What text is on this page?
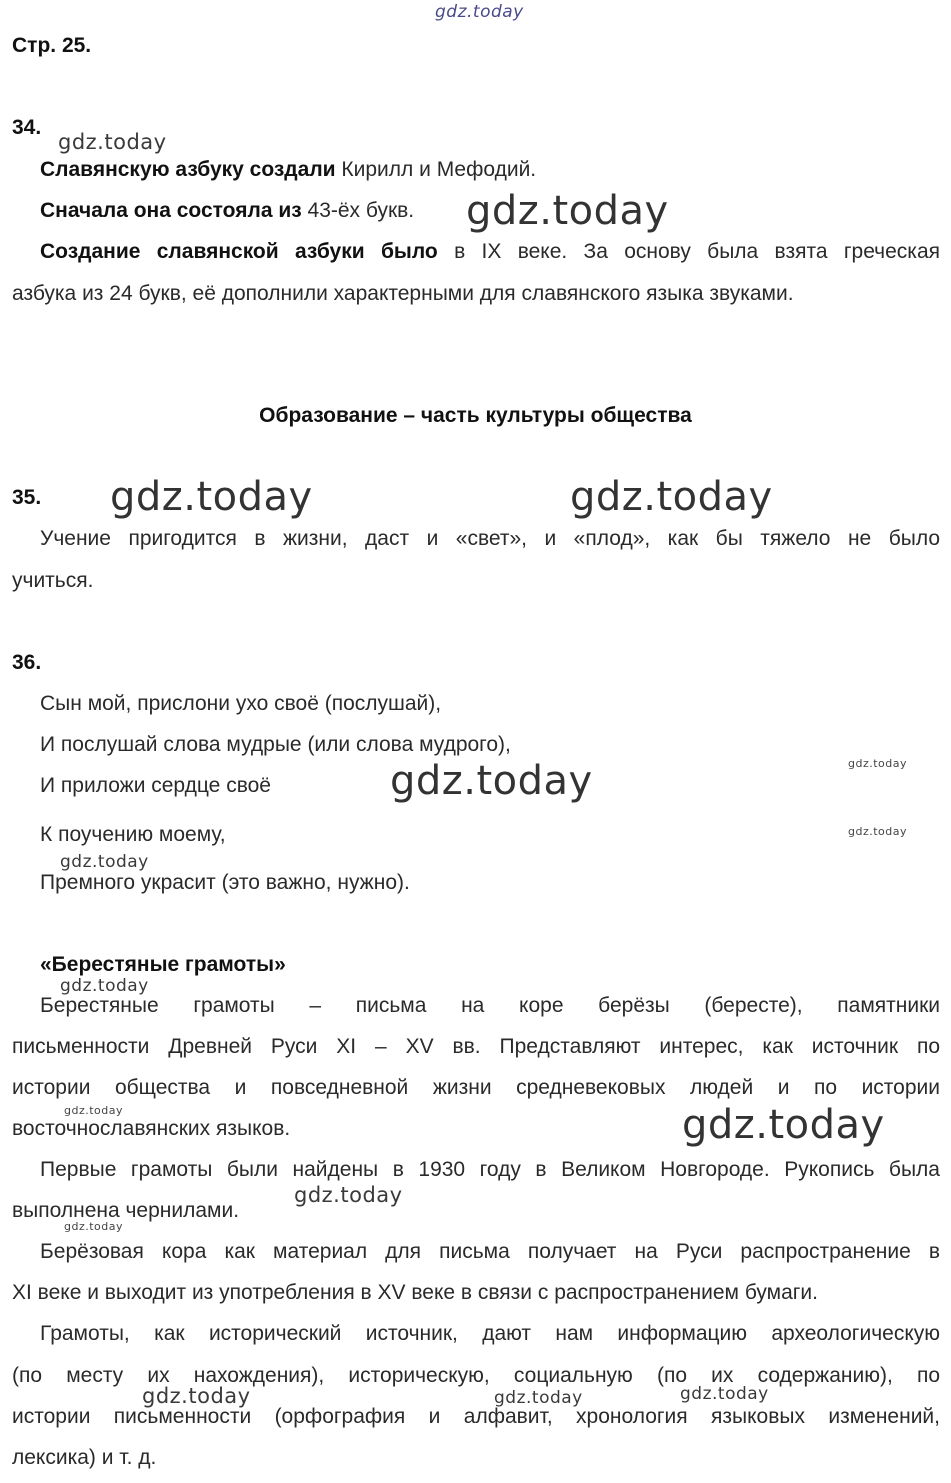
gdz.today
Стр. 25.
34.
Славянскую азбуку создали Кирилл и Мефодий.
Сначала она состояла из 43-ёх букв.
Создание славянской азбуки было в IX веке. За основу была взята греческая
азбука из 24 букв, её дополнили характерными для славянского языка звуками.
Образование – часть культуры общества
35.
Учение пригодится в жизни, даст и «свет», и «плод», как бы тяжело не было
учиться.
36.
Сын мой, прислони ухо своё (послушай),
И послушай слова мудрые (или слова мудрого),
И приложи сердце своё
К поучению моему,
Премного украсит (это важно, нужно).
«Берестяные грамоты»
Берестяные грамоты – письма на коре берёзы (бересте), памятники
письменности Древней Руси XI – XV вв. Представляют интерес, как источник по
истории общества и повседневной жизни средневековых людей и по истории
восточнославянских языков.
Первые грамоты были найдены в 1930 году в Великом Новгороде. Рукопись была
выполнена чернилами.
Берёзовая кора как материал для письма получает на Руси распространение в
XI веке и выходит из употребления в XV веке в связи с распространением бумаги.
Грамоты, как исторический источник, дают нам информацию археологическую
(по месту их нахождения), историческую, социальную (по их содержанию), по
истории письменности (орфография и алфавит, хронология языковых изменений,
лексика) и т. д.
gdz.today
gdz.today
gdz.today	gdz.today
gdz.today	gdz.today
gdz.today
gdz.today
gdz.today
gdz.today	gdz.today
gdz.today
gdz.today
gdz.today	gdz.today	gdz.today
